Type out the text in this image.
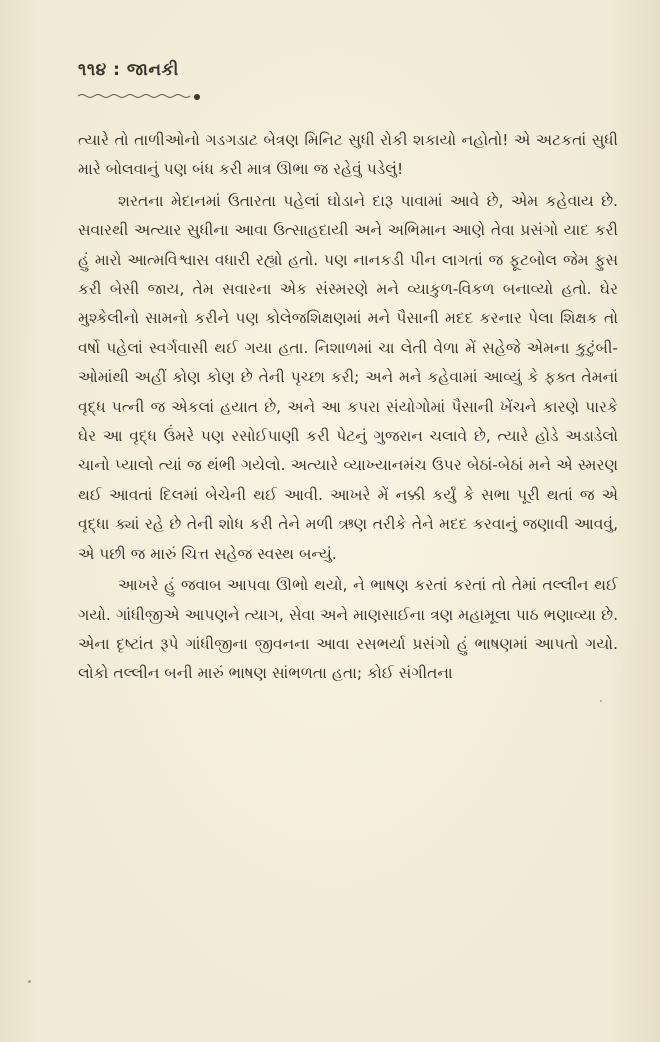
૧૧૪ : જાનકી

ત્યારે તો તાળીઓનો ગડગડાટ બેત્રણ મિનિટ સુધી રોકી શકાયો નહોતો! એ અટકતાં સુધી મારે બોલવાનું પણ બંધ કરી માત્ર ઊભા જ રહેવું પડેલું!

શરતના મેદાનમાં ઉતારતા પહેલાં ઘોડાને દારૂ પાવામાં આવે છે, એમ કહેવાય છે. સવારથી અત્યાર સુધીના આવા ઉત્સાહદાયી અને અભિમાન આણે તેવા પ્રસંગો યાદ કરી હું મારો આત્મવિશ્વાસ વધારી રહ્યો હતો. પણ નાનકડી પીન લાગતાં જ ફૂટબોલ જેમ ફુસ કરી બેસી જાય, તેમ સવારના એક સંસ્મરણે મને વ્યાકુળ-વિકળ બનાવ્યો હતો. ઘેર મુશ્કેલીનો સામનો કરીને પણ કોલેજશિક્ષણમાં મને પૈસાની મદદ કરનાર પેલા શિક્ષક તો વર્ષો પહેલાં સ્વર્ગવાસી થઈ ગયા હતા. નિશાળમાં ચા લેતી વેળા મેં સહેજે એમના કુટુંબી-ઓમાંથી અહીં કોણ કોણ છે તેની પૃચ્છા કરી; અને મને કહેવામાં આવ્યું કે ફક્ત તેમનાં વૃદ્ધ પત્ની જ એકલાં હયાત છે, અને આ કપરા સંયોગોમાં પૈસાની ખેંચને કારણે પારકે ઘેર આ વૃદ્ધ ઉંમરે પણ રસોઈપાણી કરી પેટનું ગુજરાન ચલાવે છે, ત્યારે હોડે અડાડેલો ચાનો પ્યાલો ત્યાં જ થંભી ગયેલો. અત્યારે વ્યાખ્યાનમંચ ઉપર બેઠાં-બેઠાં મને એ સ્મરણ થઈ આવતાં દિલમાં બેચેની થઈ આવી. આખરે મેં નક્કી કર્યું કે સભા પૂરી થતાં જ એ વૃદ્ધા ક્યાં રહે છે તેની શોધ કરી તેને મળી ઋણ તરીકે તેને મદદ કરવાનું જણાવી આવવું, એ પછી જ મારું ચિત્ત સહેજ સ્વસ્થ બન્યું.

આખરે હું જવાબ આપવા ઊભો થયો, ને ભાષણ કરતાં કરતાં તો તેમાં તલ્લીન થઈ ગયો. ગાંધીજીએ આપણને ત્યાગ, સેવા અને માણસાઈના ત્રણ મહામૂલા પાઠ ભણાવ્યા છે. એના દૃષ્ટાંત રૂપે ગાંધીજીના જીવનના આવા રસભર્યા પ્રસંગો હું ભાષણમાં આપતો ગયો. લોકો તલ્લીન બની મારું ભાષણ સાંભળતા હતા; કોઈ સંગીતના
